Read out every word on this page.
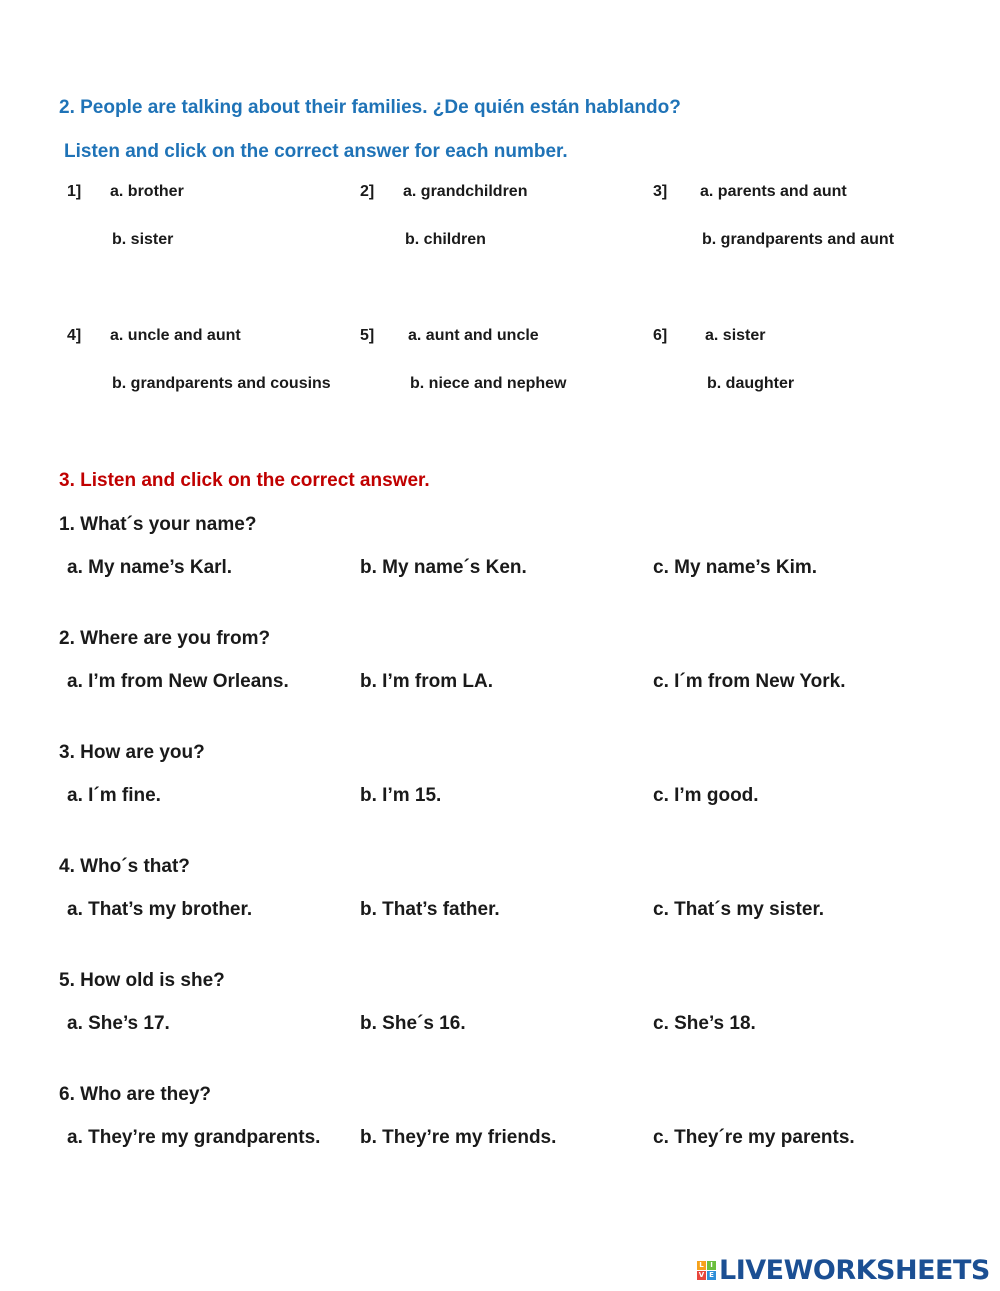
2. People are talking about their families. ¿De quién están hablando?
Listen and click on the correct answer for each number.
1] a. brother
b. sister
2] a. grandchildren
b. children
3] a. parents and aunt
b. grandparents and aunt
4] a. uncle and aunt
b. grandparents and cousins
5] a. aunt and uncle
b. niece and nephew
6] a. sister
b. daughter
3. Listen and click on the correct answer.
1. What´s your name?
a. My name’s Karl.	b. My name´s Ken.	c. My name’s Kim.
2. Where are you from?
a. I’m from New Orleans.	b. I’m from LA.	c. I´m from New York.
3. How are you?
a. I´m fine.	b. I’m 15.	c. I’m good.
4. Who´s that?
a. That’s my brother.	b. That’s father.	c. That´s my sister.
5. How old is she?
a. She’s 17.	b. She´s 16.	c. She’s 18.
6. Who are they?
a. They’re my grandparents. b. They’re my friends.	c. They´re my parents.
L I
V E LIVEWORKSHEETS
